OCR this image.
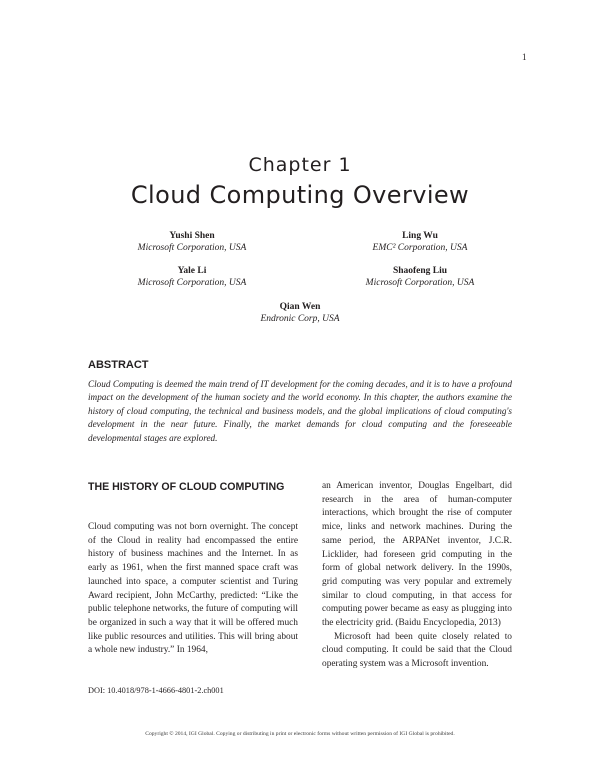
1
Chapter 1
Cloud Computing Overview
Yushi Shen
Microsoft Corporation, USA
Ling Wu
EMC² Corporation, USA
Yale Li
Microsoft Corporation, USA
Shaofeng Liu
Microsoft Corporation, USA
Qian Wen
Endronic Corp, USA
ABSTRACT
Cloud Computing is deemed the main trend of IT development for the coming decades, and it is to have a profound impact on the development of the human society and the world economy. In this chapter, the authors examine the history of cloud computing, the technical and business models, and the global implications of cloud computing's development in the near future. Finally, the market demands for cloud computing and the foreseeable developmental stages are explored.
THE HISTORY OF CLOUD COMPUTING

Cloud computing was not born overnight. The concept of the Cloud in reality had encompassed the entire history of business machines and the Internet. In as early as 1961, when the first manned space craft was launched into space, a computer scientist and Turing Award recipient, John McCarthy, predicted: “Like the public telephone networks, the future of computing will be organized in such a way that it will be offered much like public resources and utilities. This will bring about a whole new industry.” In 1964,

an American inventor, Douglas Engelbart, did research in the area of human-computer interactions, which brought the rise of computer mice, links and network machines. During the same period, the ARPANet inventor, J.C.R. Licklider, had foreseen grid computing in the form of global network delivery. In the 1990s, grid computing was very popular and extremely similar to cloud computing, in that access for computing power became as easy as plugging into the electricity grid. (Baidu Encyclopedia, 2013)

Microsoft had been quite closely related to cloud computing. It could be said that the Cloud operating system was a Microsoft invention.

DOI: 10.4018/978-1-4666-4801-2.ch001
Copyright © 2014, IGI Global. Copying or distributing in print or electronic forms without written permission of IGI Global is prohibited.
